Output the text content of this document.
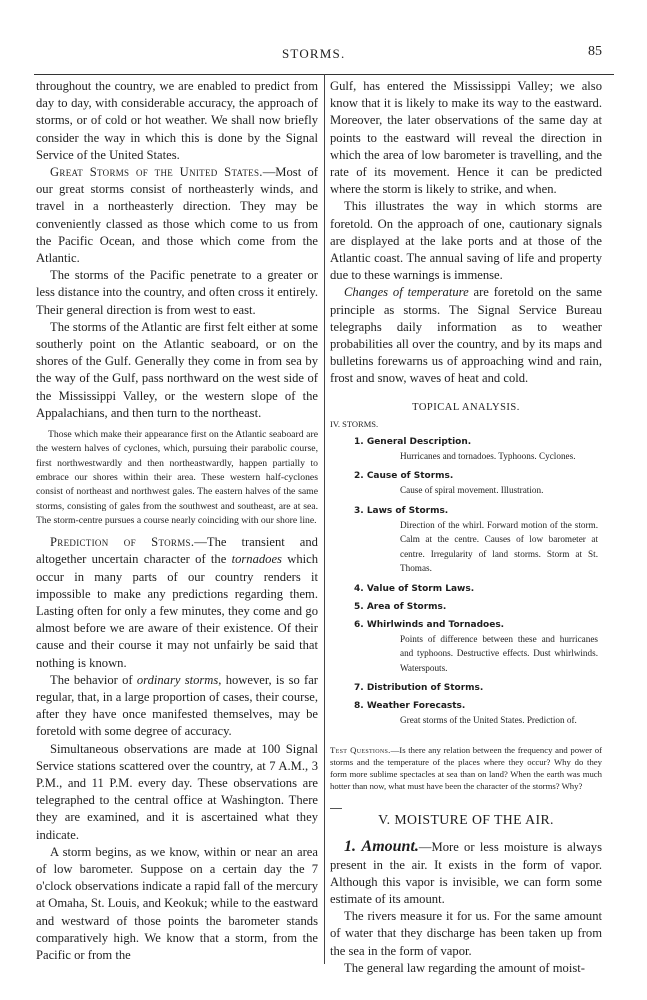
STORMS.	85

throughout the country, we are enabled to predict from day to day, with considerable accuracy, the approach of storms, or of cold or hot weather. We shall now briefly consider the way in which this is done by the Signal Service of the United States.

Great Storms of the United States.—Most of our great storms consist of northeasterly winds, and travel in a northeasterly direction. They may be conveniently classed as those which come to us from the Pacific Ocean, and those which come from the Atlantic.

The storms of the Pacific penetrate to a greater or less distance into the country, and often cross it entirely. Their general direction is from west to east.

The storms of the Atlantic are first felt either at some southerly point on the Atlantic seaboard, or on the shores of the Gulf. Generally they come in from sea by the way of the Gulf, pass northward on the west side of the Mississippi Valley, or the western slope of the Appalachians, and then turn to the northeast.

Those which make their appearance first on the Atlantic seaboard are the western halves of cyclones, which, pursuing their parabolic course, first northwestwardly and then northeastwardly, happen partially to embrace our shores within their area. These western half-cyclones consist of northeast and northwest gales. The eastern halves of the same storms, consisting of gales from the southwest and southeast, are at sea. The storm-centre pursues a course nearly coinciding with our shore line.

Prediction of Storms.—The transient and altogether uncertain character of the tornadoes which occur in many parts of our country renders it impossible to make any predictions regarding them. Lasting often for only a few minutes, they come and go almost before we are aware of their existence. Of their cause and their course it may not unfairly be said that nothing is known.

The behavior of ordinary storms, however, is so far regular, that, in a large proportion of cases, their course, after they have once manifested themselves, may be foretold with some degree of accuracy.

Simultaneous observations are made at 100 Signal Service stations scattered over the country, at 7 A.M., 3 P.M., and 11 P.M. every day. These observations are telegraphed to the central office at Washington. There they are examined, and it is ascertained what they indicate.

A storm begins, as we know, within or near an area of low barometer. Suppose on a certain day the 7 o'clock observations indicate a rapid fall of the mercury at Omaha, St. Louis, and Keokuk; while to the eastward and westward of those points the barometer stands comparatively high. We know that a storm, from the Pacific or from the

Gulf, has entered the Mississippi Valley; we also know that it is likely to make its way to the eastward. Moreover, the later observations of the same day at points to the eastward will reveal the direction in which the area of low barometer is travelling, and the rate of its movement. Hence it can be predicted where the storm is likely to strike, and when.

This illustrates the way in which storms are foretold. On the approach of one, cautionary signals are displayed at the lake ports and at those of the Atlantic coast. The annual saving of life and property due to these warnings is immense.

Changes of temperature are foretold on the same principle as storms. The Signal Service Bureau telegraphs daily information as to weather probabilities all over the country, and by its maps and bulletins forewarns us of approaching wind and rain, frost and snow, waves of heat and cold.

TOPICAL ANALYSIS.
IV. STORMS.
1. General Description.
Hurricanes and tornadoes. Typhoons. Cyclones.
2. Cause of Storms.
Cause of spiral movement. Illustration.
3. Laws of Storms.
Direction of the whirl. Forward motion of the storm. Calm at the centre. Causes of low barometer at centre. Irregularity of land storms. Storm at St. Thomas.
4. Value of Storm Laws.
5. Area of Storms.
6. Whirlwinds and Tornadoes.
Points of difference between these and hurricanes and typhoons. Destructive effects. Dust whirlwinds. Waterspouts.
7. Distribution of Storms.
8. Weather Forecasts.
Great storms of the United States. Prediction of.

Test Questions.—Is there any relation between the frequency and power of storms and the temperature of the places where they occur? Why do they form more sublime spectacles at sea than on land? When the earth was much hotter than now, what must have been the character of the storms? Why?

V. MOISTURE OF THE AIR.

1. Amount.—More or less moisture is always present in the air. It exists in the form of vapor. Although this vapor is invisible, we can form some estimate of its amount.

The rivers measure it for us. For the same amount of water that they discharge has been taken up from the sea in the form of vapor.

The general law regarding the amount of moist-
